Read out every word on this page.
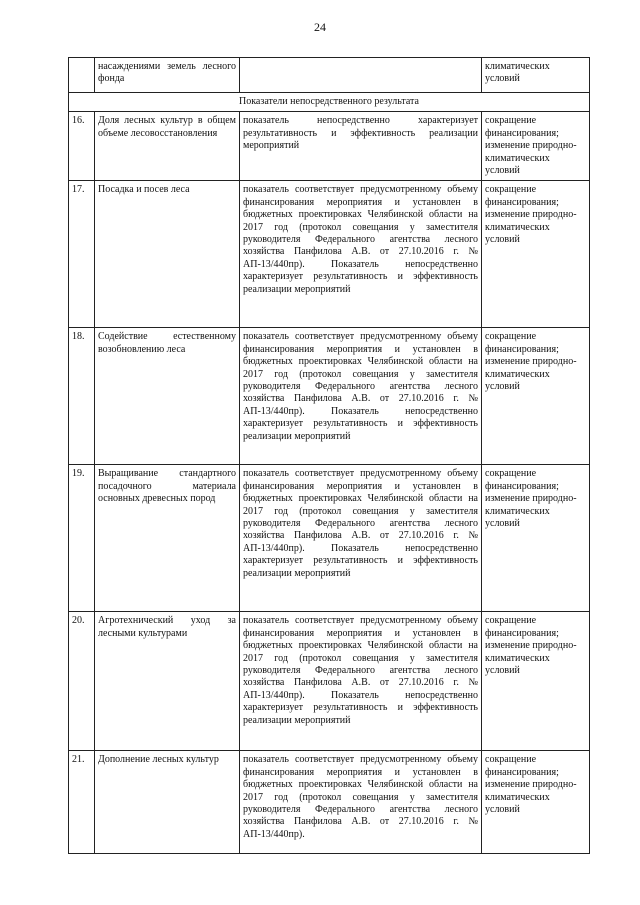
24
	насаждениями земель лесного фонда		климатических условий
Показатели непосредственного результата			
16.	Доля лесных культур в общем объеме лесовосстановления	показатель непосредственно характеризует результативность и эффективность реализации мероприятий	сокращение финансирования; изменение природно-климатических условий
17.	Посадка и посев леса	показатель соответствует предусмотренному объему финансирования мероприятия и установлен в бюджетных проектировках Челябинской области на 2017 год (протокол совещания у заместителя руководителя Федерального агентства лесного хозяйства Панфилова А.В. от 27.10.2016 г. № АП-13/440пр). Показатель непосредственно характеризует результативность и эффективность реализации мероприятий	сокращение финансирования; изменение природно-климатических условий
18.	Содействие естественному возобновлению леса	показатель соответствует предусмотренному объему финансирования мероприятия и установлен в бюджетных проектировках Челябинской области на 2017 год (протокол совещания у заместителя руководителя Федерального агентства лесного хозяйства Панфилова А.В. от 27.10.2016 г. № АП-13/440пр). Показатель непосредственно характеризует результативность и эффективность реализации мероприятий	сокращение финансирования; изменение природно-климатических условий
19.	Выращивание стандартного посадочного материала основных древесных пород	показатель соответствует предусмотренному объему финансирования мероприятия и установлен в бюджетных проектировках Челябинской области на 2017 год (протокол совещания у заместителя руководителя Федерального агентства лесного хозяйства Панфилова А.В. от 27.10.2016 г. № АП-13/440пр). Показатель непосредственно характеризует результативность и эффективность реализации мероприятий	сокращение финансирования; изменение природно-климатических условий
20.	Агротехнический уход за лесными культурами	показатель соответствует предусмотренному объему финансирования мероприятия и установлен в бюджетных проектировках Челябинской области на 2017 год (протокол совещания у заместителя руководителя Федерального агентства лесного хозяйства Панфилова А.В. от 27.10.2016 г. № АП-13/440пр). Показатель непосредственно характеризует результативность и эффективность реализации мероприятий	сокращение финансирования; изменение природно-климатических условий
21.	Дополнение лесных культур	показатель соответствует предусмотренному объему финансирования мероприятия и установлен в бюджетных проектировках Челябинской области на 2017 год (протокол совещания у заместителя руководителя Федерального агентства лесного хозяйства Панфилова А.В. от 27.10.2016 г. № АП-13/440пр).	сокращение финансирования; изменение природно-климатических условий
